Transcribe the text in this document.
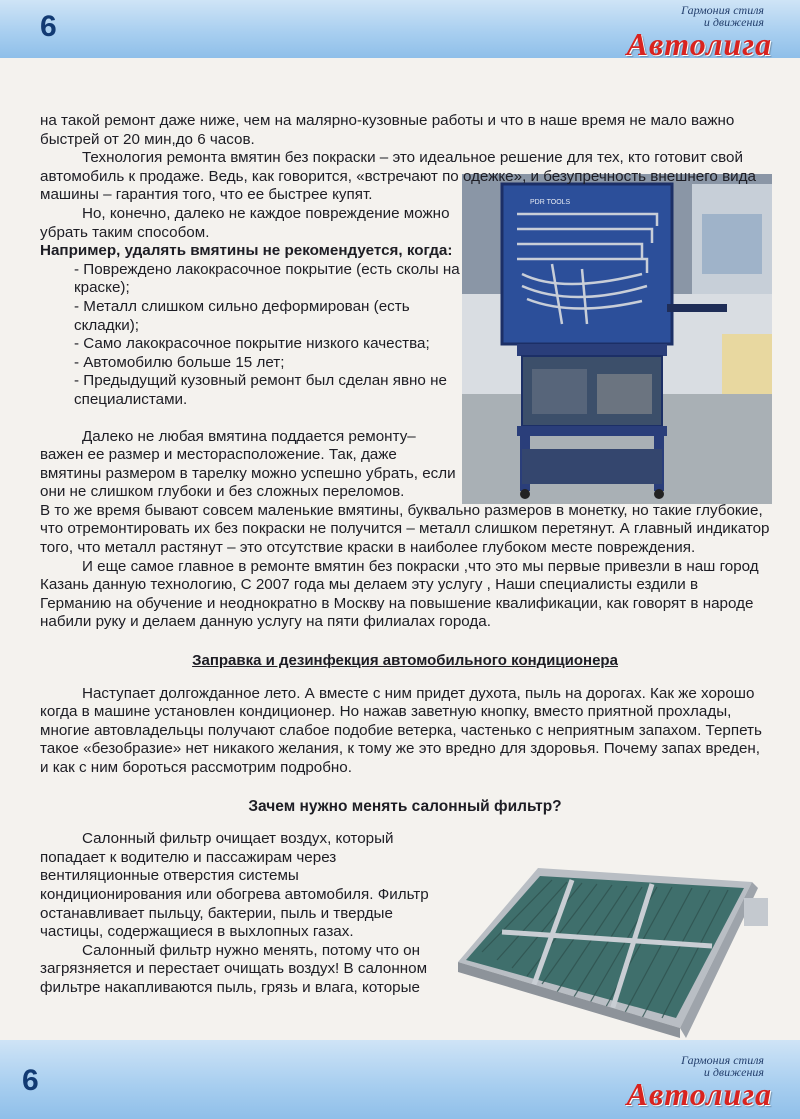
6	Гармония стиля
и движения
Автолига
PDR TOOLS

на такой ремонт даже ниже, чем на малярно-кузовные работы и что в наше время не мало важно быстрей от 20 мин,до 6 часов.

Технология ремонта вмятин без покраски – это идеальное решение для тех, кто готовит свой автомобиль к продаже. Ведь, как говорится, «встречают по одежке», и безупречность внешнего вида машины – гарантия того, что ее быстрее купят.

Но, конечно, далеко не каждое повреждение можно убрать таким способом.

Например, удалять вмятины не рекомендуется, когда:

- Повреждено лакокрасочное покрытие (есть сколы на краске);

- Металл слишком сильно деформирован (есть складки);

- Само лакокрасочное покрытие низкого качества;

- Автомобилю больше 15 лет;

- Предыдущий кузовный ремонт был сделан явно не специалистами.

Далеко не любая вмятина поддается ремонту– важен ее размер и месторасположение. Так, даже вмятины размером в тарелку можно успешно убрать, если они не слишком глубоки и без сложных переломов.

В то же время бывают совсем маленькие вмятины, буквально размеров в монетку, но такие глубокие, что отремонтировать их без покраски не получится – металл слишком перетянут. А главный индикатор того, что металл растянут – это отсутствие краски в наиболее глубоком месте повреждения.

И еще самое главное в ремонте вмятин без покраски ,что это мы первые привезли в наш город Казань данную технологию, С 2007 года мы делаем эту услугу , Наши специалисты ездили в Германию на обучение и неоднократно в Москву на повышение квалификации, как говорят в народе набили руку и делаем данную услугу на пяти филиалах города.

Заправка и дезинфекция автомобильного кондиционера

Наступает долгожданное лето. А вместе с ним придет духота, пыль на дорогах. Как же хорошо когда в машине установлен кондиционер. Но нажав заветную кнопку, вместо приятной прохлады, многие автовладельцы получают слабое подобие ветерка, частенько с неприятным запахом. Терпеть такое «безобразие» нет никакого желания, к тому же это вредно для здоровья. Почему запах вреден, и как с ним бороться рассмотрим подробно.

Зачем нужно менять салонный фильтр?

Салонный фильтр очищает воздух, который попадает к водителю и пассажирам через вентиляционные отверстия системы кондиционирования или обогрева автомобиля. Фильтр останавливает пыльцу, бактерии, пыль и твердые частицы, содержащиеся в выхлопных газах.

Салонный фильтр нужно менять, потому что он загрязняется и перестает очищать воздух! В салонном фильтре накапливаются пыль, грязь и влага, которые

6
Гармония стиля
и движения
Автолига
